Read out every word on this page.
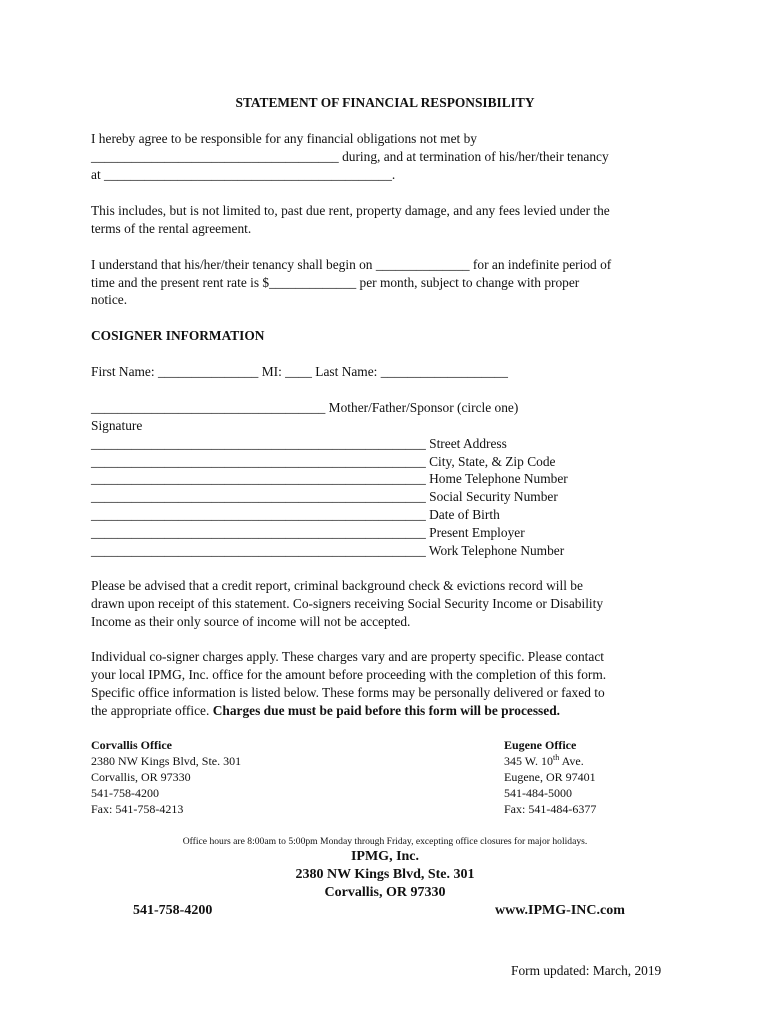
STATEMENT OF FINANCIAL RESPONSIBILITY
I hereby agree to be responsible for any financial obligations not met by
_____________________________________ during, and at termination of his/her/their tenancy
at ___________________________________________.
This includes, but is not limited to, past due rent, property damage, and any fees levied under the
terms of the rental agreement.
I understand that his/her/their tenancy shall begin on ______________ for an indefinite period of
time and the present rent rate is $_____________ per month, subject to change with proper
notice.
COSIGNER INFORMATION
First Name: _______________ MI: ____ Last Name: ___________________
___________________________________ Mother/Father/Sponsor (circle one)
Signature
__________________________________________________ Street Address
__________________________________________________ City, State, & Zip Code
__________________________________________________ Home Telephone Number
__________________________________________________ Social Security Number
__________________________________________________ Date of Birth
__________________________________________________ Present Employer
__________________________________________________ Work Telephone Number
Please be advised that a credit report, criminal background check & evictions record will be
drawn upon receipt of this statement. Co-signers receiving Social Security Income or Disability
Income as their only source of income will not be accepted.
Individual co-signer charges apply. These charges vary and are property specific. Please contact
your local IPMG, Inc. office for the amount before proceeding with the completion of this form.
Specific office information is listed below. These forms may be personally delivered or faxed to
the appropriate office. Charges due must be paid before this form will be processed.
Corvallis Office
2380 NW Kings Blvd, Ste. 301
Corvallis, OR 97330
541-758-4200
Fax: 541-758-4213
Eugene Office
345 W. 10th Ave.
Eugene, OR 97401
541-484-5000
Fax: 541-484-6377
Office hours are 8:00am to 5:00pm Monday through Friday, excepting office closures for major holidays.
IPMG, Inc.
2380 NW Kings Blvd, Ste. 301
Corvallis, OR 97330
541-758-4200	www.IPMG-INC.com
Form updated: March, 2019
